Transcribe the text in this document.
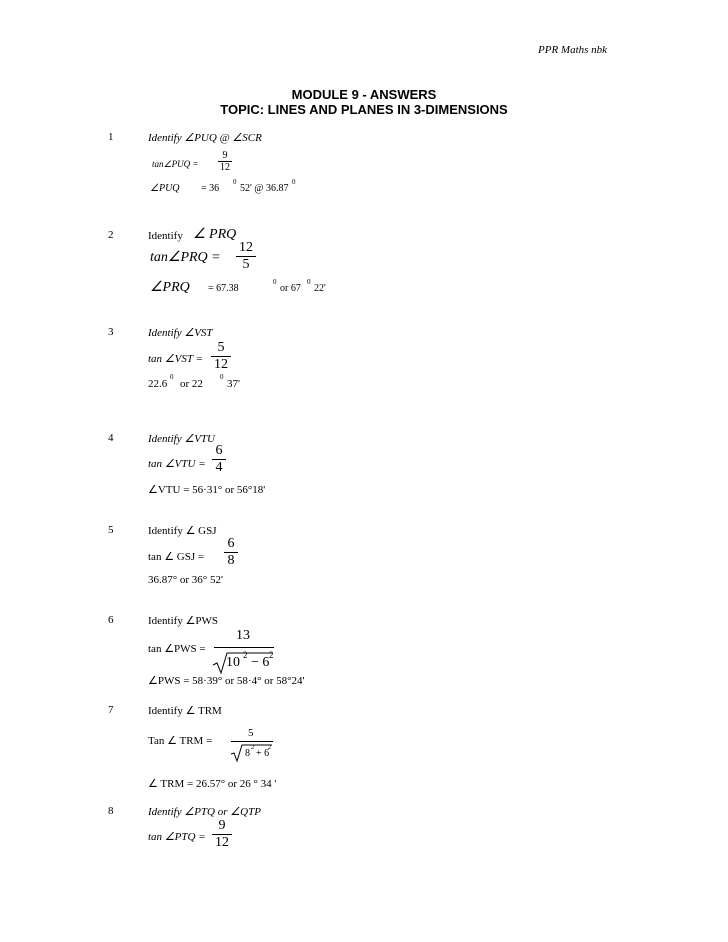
PPR Maths nbk
MODULE 9 - ANSWERS
TOPIC: LINES AND PLANES IN 3-DIMENSIONS
1	Identify ∠PUQ @ ∠SCR
tan∠PUQ =
9
12
∠PUQ = 36
0
52' @ 36.87
0
2	Identify ∠ PRQ
tan∠PRQ =
12
5
∠PRQ = 67.38
0
or 67
0
22'
3	Identify ∠VST
tan ∠VST =
5
12
22.6
0
or 22
0
37'
4	Identify ∠VTU
tan ∠VTU =
6
4
∠VTU = 56·31° or 56°18'
5	Identify ∠ GSJ
tan ∠ GSJ =
6
8
36.87° or 36° 52'
6	Identify ∠PWS
tan ∠PWS =
13
10 2 − 6 2
∠PWS = 58·39° or 58·4° or 58°24'
7	Identify ∠ TRM
Tan ∠ TRM =
5
8 2 + 6
2
∠ TRM = 26.57° or 26 ° 34 '
8	Identify ∠PTQ or ∠QTP
tan ∠PTQ =
9
12
